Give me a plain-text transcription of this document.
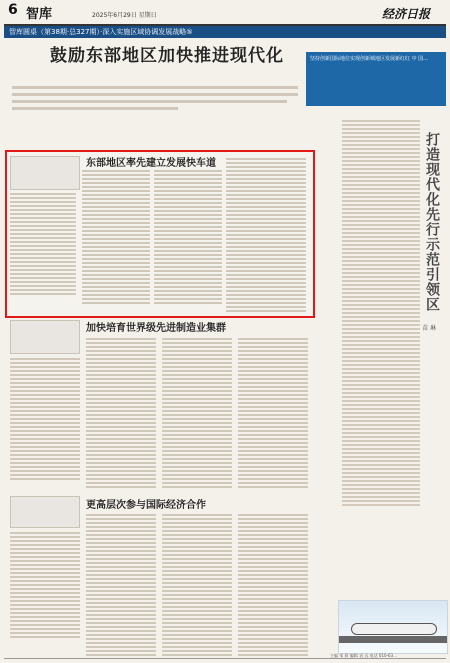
6 智库	2025年6月29日 星期日	经济日报
智库圆桌（第38期·总327期）·深入实施区域协调发展战略⑤
鼓励东部地区加快推进现代化	坚持创新国际地位实现创新城地区发展新红红 中 国...
东部地区率先建立发展快车道
加快培育世界级先进制造业集群
更高层次参与国际经济合作
打造现代化先行示范引领区
苗 琳
主编 邹 莉 编辑 袁 远 电话 010-63…
